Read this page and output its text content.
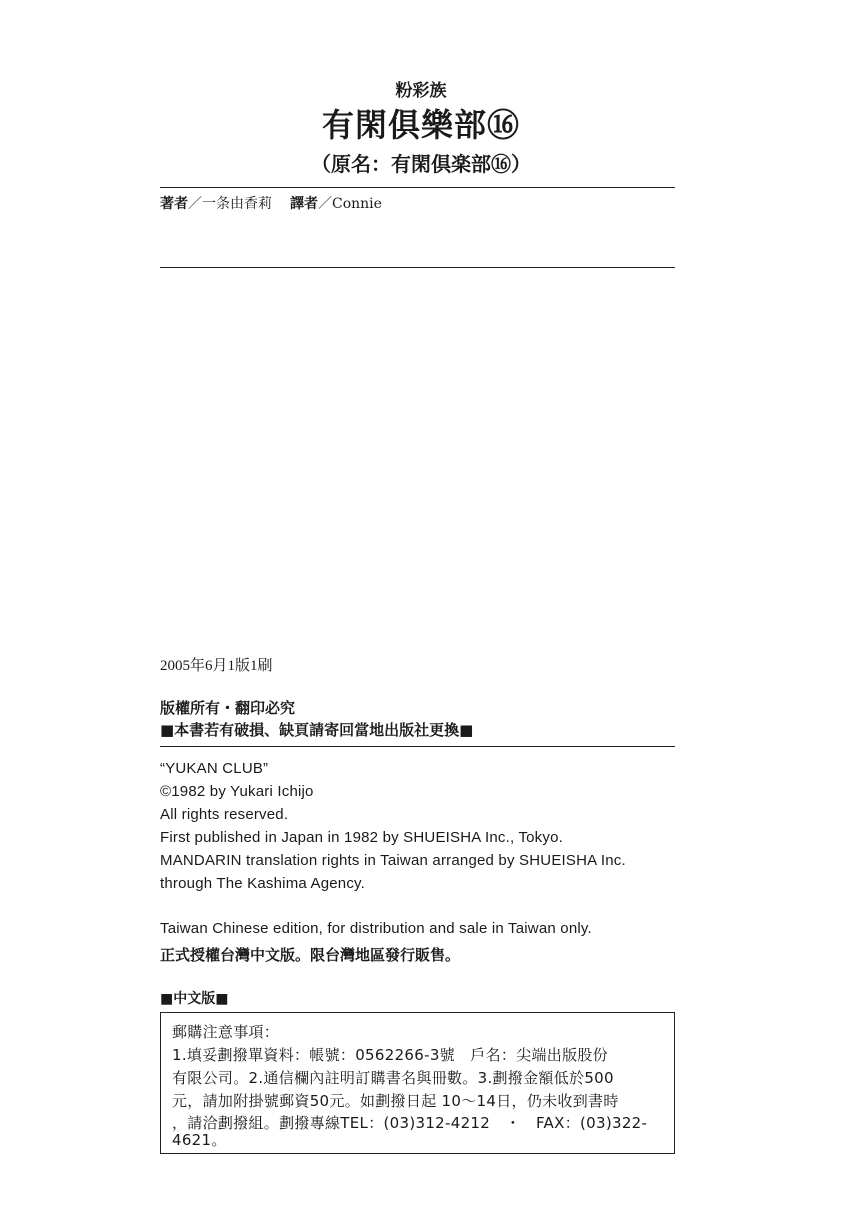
粉彩族
有閑俱樂部⑯
（原名：有閑倶楽部⑯）
著者／一条由香莉 譯者／Connie
2005年6月1版1刷
版權所有・翻印必究
■本書若有破損、缺頁請寄回當地出版社更換■
“YUKAN CLUB”
©1982 by Yukari Ichijo
All rights reserved.
First published in Japan in 1982 by SHUEISHA Inc., Tokyo.
MANDARIN translation rights in Taiwan arranged by SHUEISHA Inc.
through The Kashima Agency.
Taiwan Chinese edition, for distribution and sale in Taiwan only.
正式授權台灣中文版。限台灣地區發行販售。
■中文版■
郵購注意事項：
1.填妥劃撥單資料：帳號：0562266-3號　戶名：尖端出版股份
有限公司。2.通信欄內註明訂購書名與冊數。3.劃撥金額低於500
元，請加附掛號郵資50元。如劃撥日起 10～14日，仍未收到書時
，請洽劃撥組。劃撥專線TEL：(03)312-4212　・　FAX：(03)322-
4621。
